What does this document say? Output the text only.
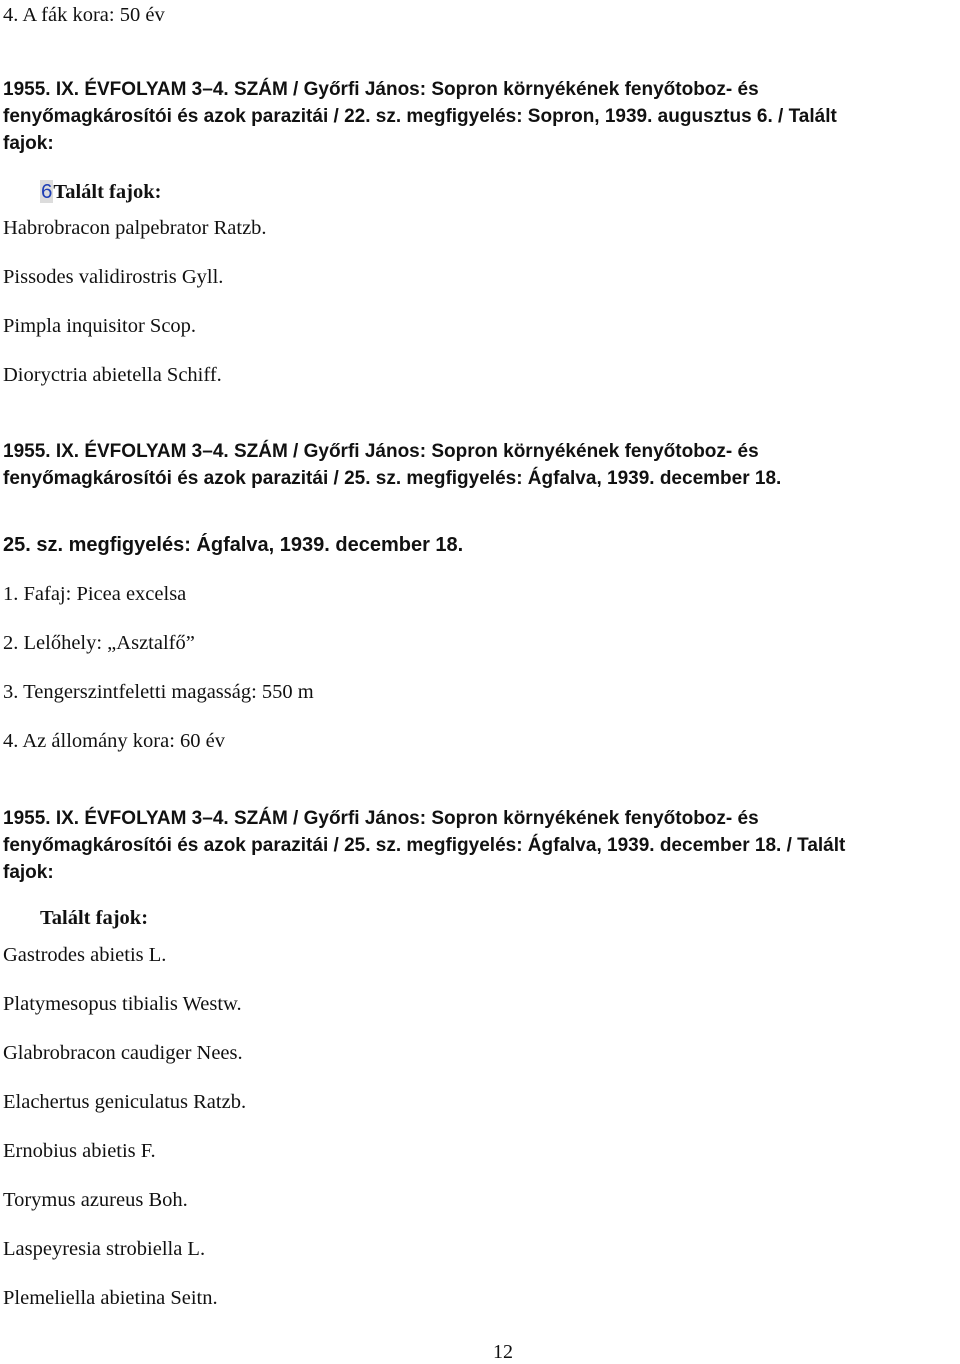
4. A fák kora: 50 év

1955. IX. ÉVFOLYAM 3–4. SZÁM / Győrfi János: Sopron környékének fenyőtoboz- és
fenyőmagkárosítói és azok parazitái / 22. sz. megfigyelés: Sopron, 1939. augusztus 6. / Talált
fajok:
6Talált fajok:

Habrobracon palpebrator Ratzb.

Pissodes validirostris Gyll.

Pimpla inquisitor Scop.

Dioryctria abietella Schiff.

1955. IX. ÉVFOLYAM 3–4. SZÁM / Győrfi János: Sopron környékének fenyőtoboz- és
fenyőmagkárosítói és azok parazitái / 25. sz. megfigyelés: Ágfalva, 1939. december 18.

25. sz. megfigyelés: Ágfalva, 1939. december 18.

1. Fafaj: Picea excelsa

2. Lelőhely: „Asztalfő”

3. Tengerszintfeletti magasság: 550 m

4. Az állomány kora: 60 év

1955. IX. ÉVFOLYAM 3–4. SZÁM / Győrfi János: Sopron környékének fenyőtoboz- és
fenyőmagkárosítói és azok parazitái / 25. sz. megfigyelés: Ágfalva, 1939. december 18. / Talált
fajok:
Talált fajok:

Gastrodes abietis L.

Platymesopus tibialis Westw.

Glabrobracon caudiger Nees.

Elachertus geniculatus Ratzb.

Ernobius abietis F.

Torymus azureus Boh.

Laspeyresia strobiella L.

Plemeliella abietina Seitn.

12
